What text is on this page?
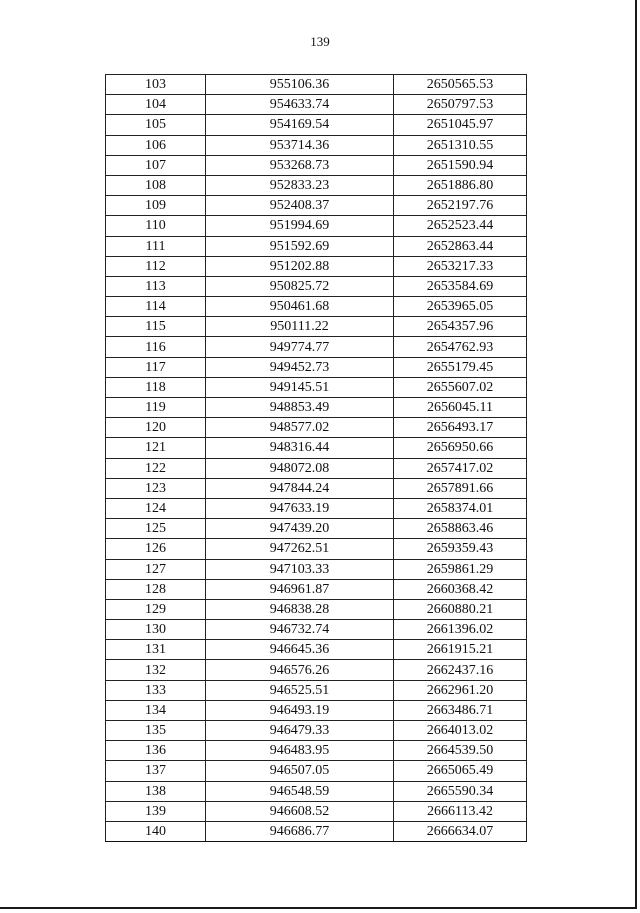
139
103	955106.36	2650565.53
104	954633.74	2650797.53
105	954169.54	2651045.97
106	953714.36	2651310.55
107	953268.73	2651590.94
108	952833.23	2651886.80
109	952408.37	2652197.76
110	951994.69	2652523.44
111	951592.69	2652863.44
112	951202.88	2653217.33
113	950825.72	2653584.69
114	950461.68	2653965.05
115	950111.22	2654357.96
116	949774.77	2654762.93
117	949452.73	2655179.45
118	949145.51	2655607.02
119	948853.49	2656045.11
120	948577.02	2656493.17
121	948316.44	2656950.66
122	948072.08	2657417.02
123	947844.24	2657891.66
124	947633.19	2658374.01
125	947439.20	2658863.46
126	947262.51	2659359.43
127	947103.33	2659861.29
128	946961.87	2660368.42
129	946838.28	2660880.21
130	946732.74	2661396.02
131	946645.36	2661915.21
132	946576.26	2662437.16
133	946525.51	2662961.20
134	946493.19	2663486.71
135	946479.33	2664013.02
136	946483.95	2664539.50
137	946507.05	2665065.49
138	946548.59	2665590.34
139	946608.52	2666113.42
140	946686.77	2666634.07
